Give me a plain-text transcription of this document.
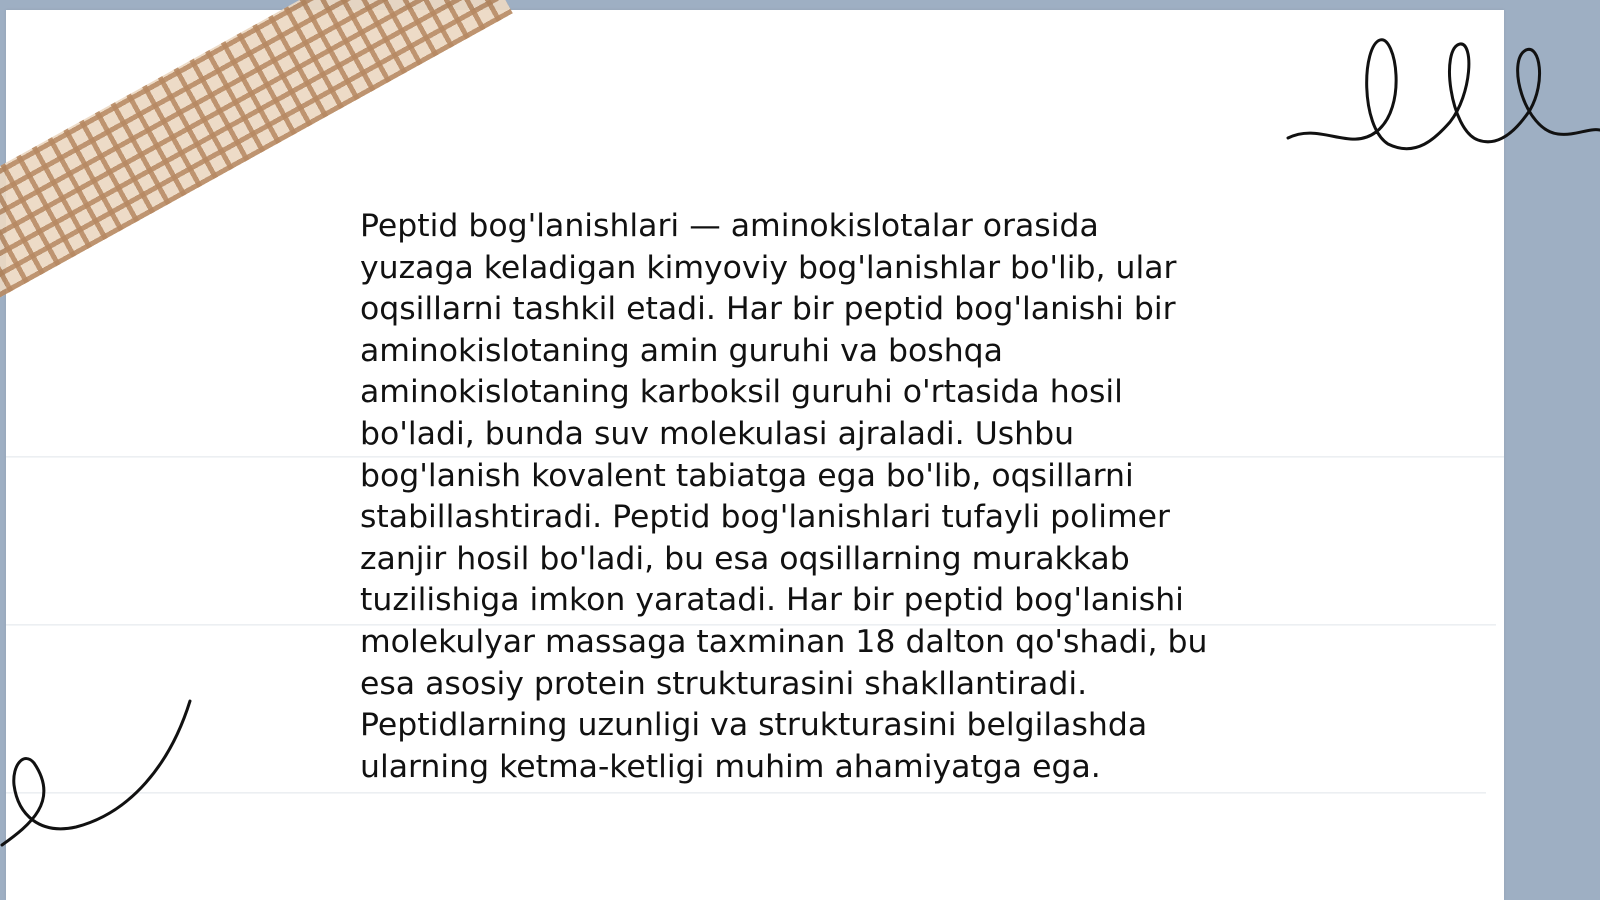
Peptid bog'lanishlari — aminokislotalar orasida
yuzaga keladigan kimyoviy bog'lanishlar bo'lib, ular
oqsillarni tashkil etadi. Har bir peptid bog'lanishi bir
aminokislotaning amin guruhi va boshqa
aminokislotaning karboksil guruhi o'rtasida hosil
bo'ladi, bunda suv molekulasi ajraladi. Ushbu
bog'lanish kovalent tabiatga ega bo'lib, oqsillarni
stabillashtiradi. Peptid bog'lanishlari tufayli polimer
zanjir hosil bo'ladi, bu esa oqsillarning murakkab
tuzilishiga imkon yaratadi. Har bir peptid bog'lanishi
molekulyar massaga taxminan 18 dalton qo'shadi, bu
esa asosiy protein strukturasini shakllantiradi.
Peptidlarning uzunligi va strukturasini belgilashda
ularning ketma-ketligi muhim ahamiyatga ega.
